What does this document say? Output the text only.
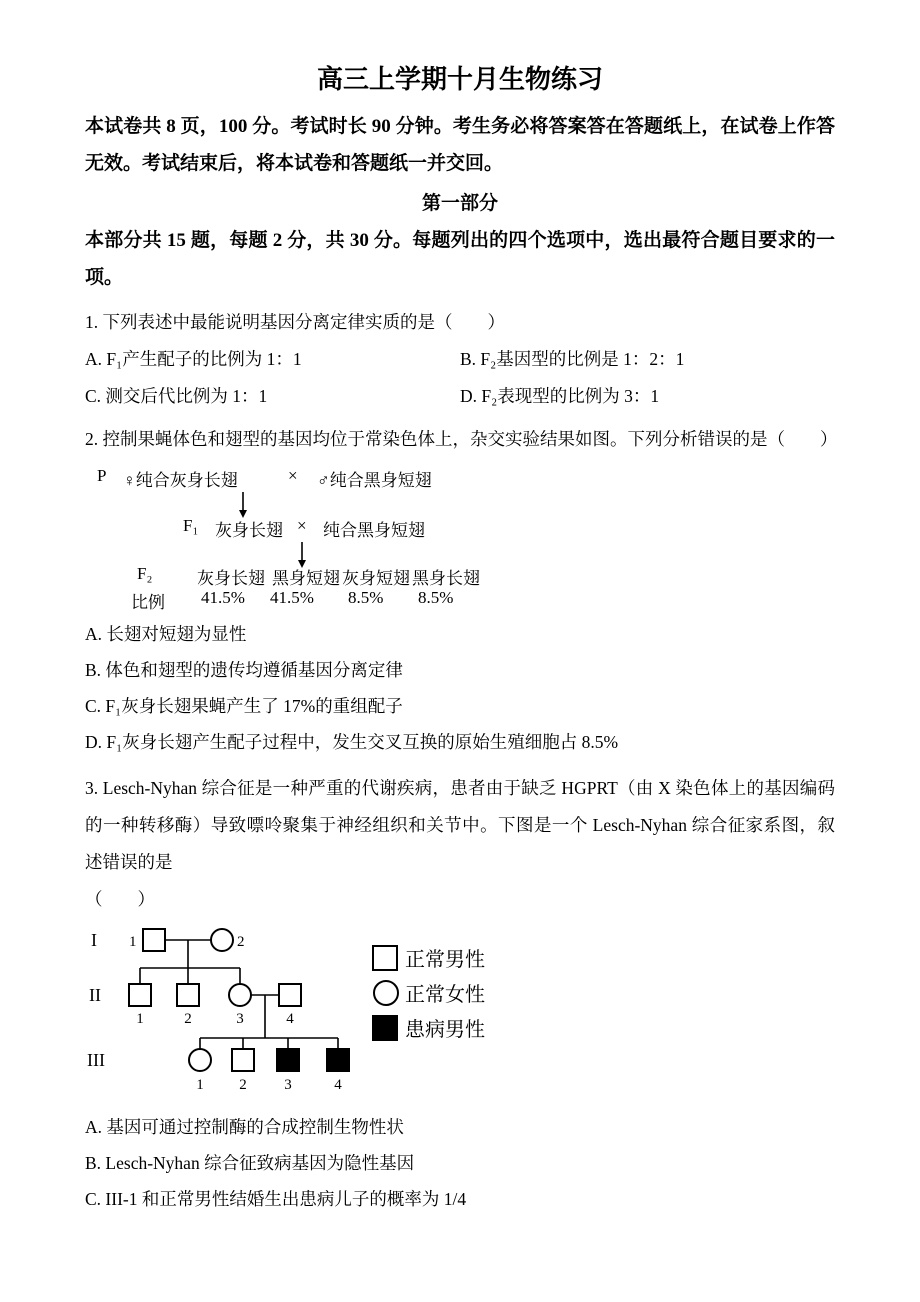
高三上学期十月生物练习

本试卷共 8 页，100 分。考试时长 90 分钟。考生务必将答案答在答题纸上，在试卷上作答无效。考试结束后，将本试卷和答题纸一并交回。

第一部分

本部分共 15 题，每题 2 分，共 30 分。每题列出的四个选项中，选出最符合题目要求的一项。

1. 下列表述中最能说明基因分离定律实质的是（　　）

A. F₁产生配子的比例为 1：1	B. F₂基因型的比例是 1：2：1
C. 测交后代比例为 1：1	D. F₂表现型的比例为 3：1

2. 控制果蝇体色和翅型的基因均位于常染色体上，杂交实验结果如图。下列分析错误的是（　　）

P ♀纯合灰身长翅	× ♂纯合黑身短翅
F₁ 灰身长翅 × 纯合黑身短翅
F₂	灰身长翅 黑身短翅 灰身短翅 黑身长翅
比例 41.5% 41.5% 8.5% 8.5%
A. 长翅对短翅为显性
B. 体色和翅型的遗传均遵循基因分离定律
C. F₁灰身长翅果蝇产生了 17%的重组配子
D. F₁灰身长翅产生配子过程中，发生交叉互换的原始生殖细胞占 8.5%

3. Lesch-Nyhan 综合征是一种严重的代谢疾病，患者由于缺乏 HGPRT（由 X 染色体上的基因编码的一种转移酶）导致嘌呤聚集于神经组织和关节中。下图是一个 Lesch-Nyhan 综合征家系图，叙述错误的是

（　　）
I
II
III
1	2
1	2	3	4
1 2	3	4
正常男性
正常女性
患病男性
A. 基因可通过控制酶的合成控制生物性状
B. Lesch-Nyhan 综合征致病基因为隐性基因
C. III-1 和正常男性结婚生出患病儿子的概率为 1/4
